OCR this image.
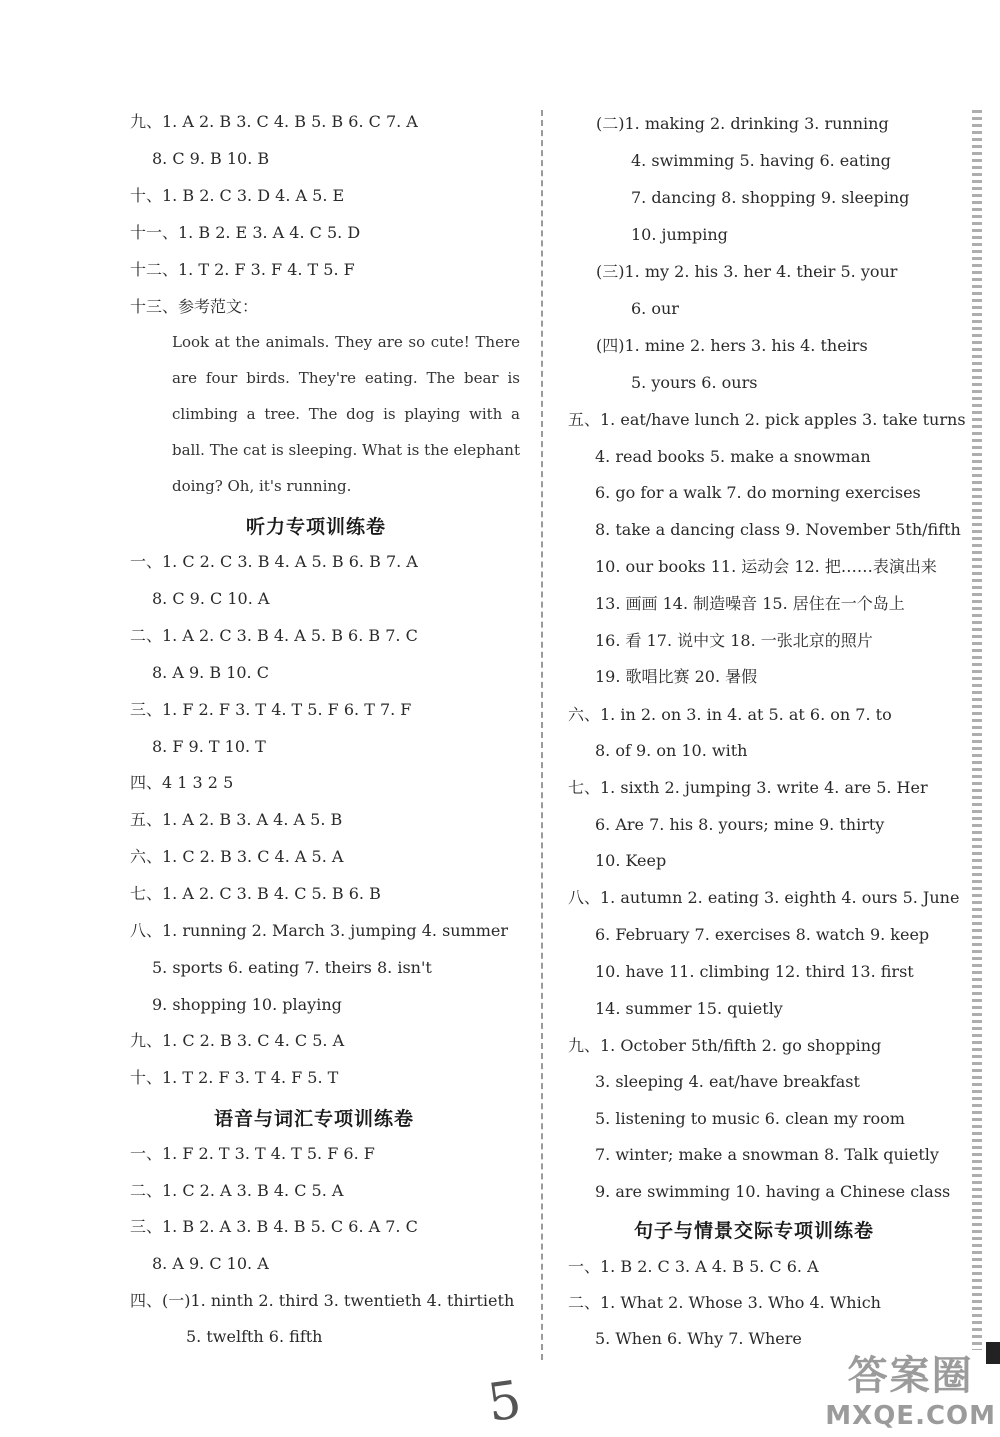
九、1. A 2. B 3. C 4. B 5. B 6. C 7. A
8. C 9. B 10. B
十、1. B 2. C 3. D 4. A 5. E
十一、1. B 2. E 3. A 4. C 5. D
十二、1. T 2. F 3. F 4. T 5. F
十三、参考范文：
一、1. C 2. C 3. B 4. A 5. B 6. B 7. A
8. C 9. C 10. A
二、1. A 2. C 3. B 4. A 5. B 6. B 7. C
8. A 9. B 10. C
三、1. F 2. F 3. T 4. T 5. F 6. T 7. F
8. F 9. T 10. T
四、4 1 3 2 5
五、1. A 2. B 3. A 4. A 5. B
六、1. C 2. B 3. C 4. A 5. A
七、1. A 2. C 3. B 4. C 5. B 6. B
八、1. running 2. March 3. jumping 4. summer
5. sports 6. eating 7. theirs 8. isn't
9. shopping 10. playing
九、1. C 2. B 3. C 4. C 5. A
十、1. T 2. F 3. T 4. F 5. T
一、1. F 2. T 3. T 4. T 5. F 6. F
二、1. C 2. A 3. B 4. C 5. A
三、1. B 2. A 3. B 4. B 5. C 6. A 7. C
8. A 9. C 10. A
四、(一)1. ninth 2. third 3. twentieth 4. thirtieth
5. twelfth 6. fifth
(二)1. making 2. drinking 3. running
4. swimming 5. having 6. eating
7. dancing 8. shopping 9. sleeping
10. jumping
(三)1. my 2. his 3. her 4. their 5. your
6. our
(四)1. mine 2. hers 3. his 4. theirs
5. yours 6. ours
五、1. eat/have lunch 2. pick apples 3. take turns
4. read books 5. make a snowman
6. go for a walk 7. do morning exercises
8. take a dancing class 9. November 5th/fifth
10. our books 11. 运动会 12. 把……表演出来
13. 画画 14. 制造噪音 15. 居住在一个岛上
16. 看 17. 说中文 18. 一张北京的照片
19. 歌唱比赛 20. 暑假
六、1. in 2. on 3. in 4. at 5. at 6. on 7. to
8. of 9. on 10. with
七、1. sixth 2. jumping 3. write 4. are 5. Her
6. Are 7. his 8. yours; mine 9. thirty
10. Keep
八、1. autumn 2. eating 3. eighth 4. ours 5. June
6. February 7. exercises 8. watch 9. keep
10. have 11. climbing 12. third 13. first
14. summer 15. quietly
九、1. October 5th/fifth 2. go shopping
3. sleeping 4. eat/have breakfast
5. listening to music 6. clean my room
7. winter; make a snowman 8. Talk quietly
9. are swimming 10. having a Chinese class
一、1. B 2. C 3. A 4. B 5. C 6. A
二、1. What 2. Whose 3. Who 4. Which
5. When 6. Why 7. Where
Look at the animals. They are so cute! There are four birds. They're eating. The bear is climbing a tree. The dog is playing with a ball. The cat is sleeping. What is the elephant doing? Oh, it's running.
听力专项训练卷
语音与词汇专项训练卷
句子与情景交际专项训练卷
5	答案圈
MXQE.COM
